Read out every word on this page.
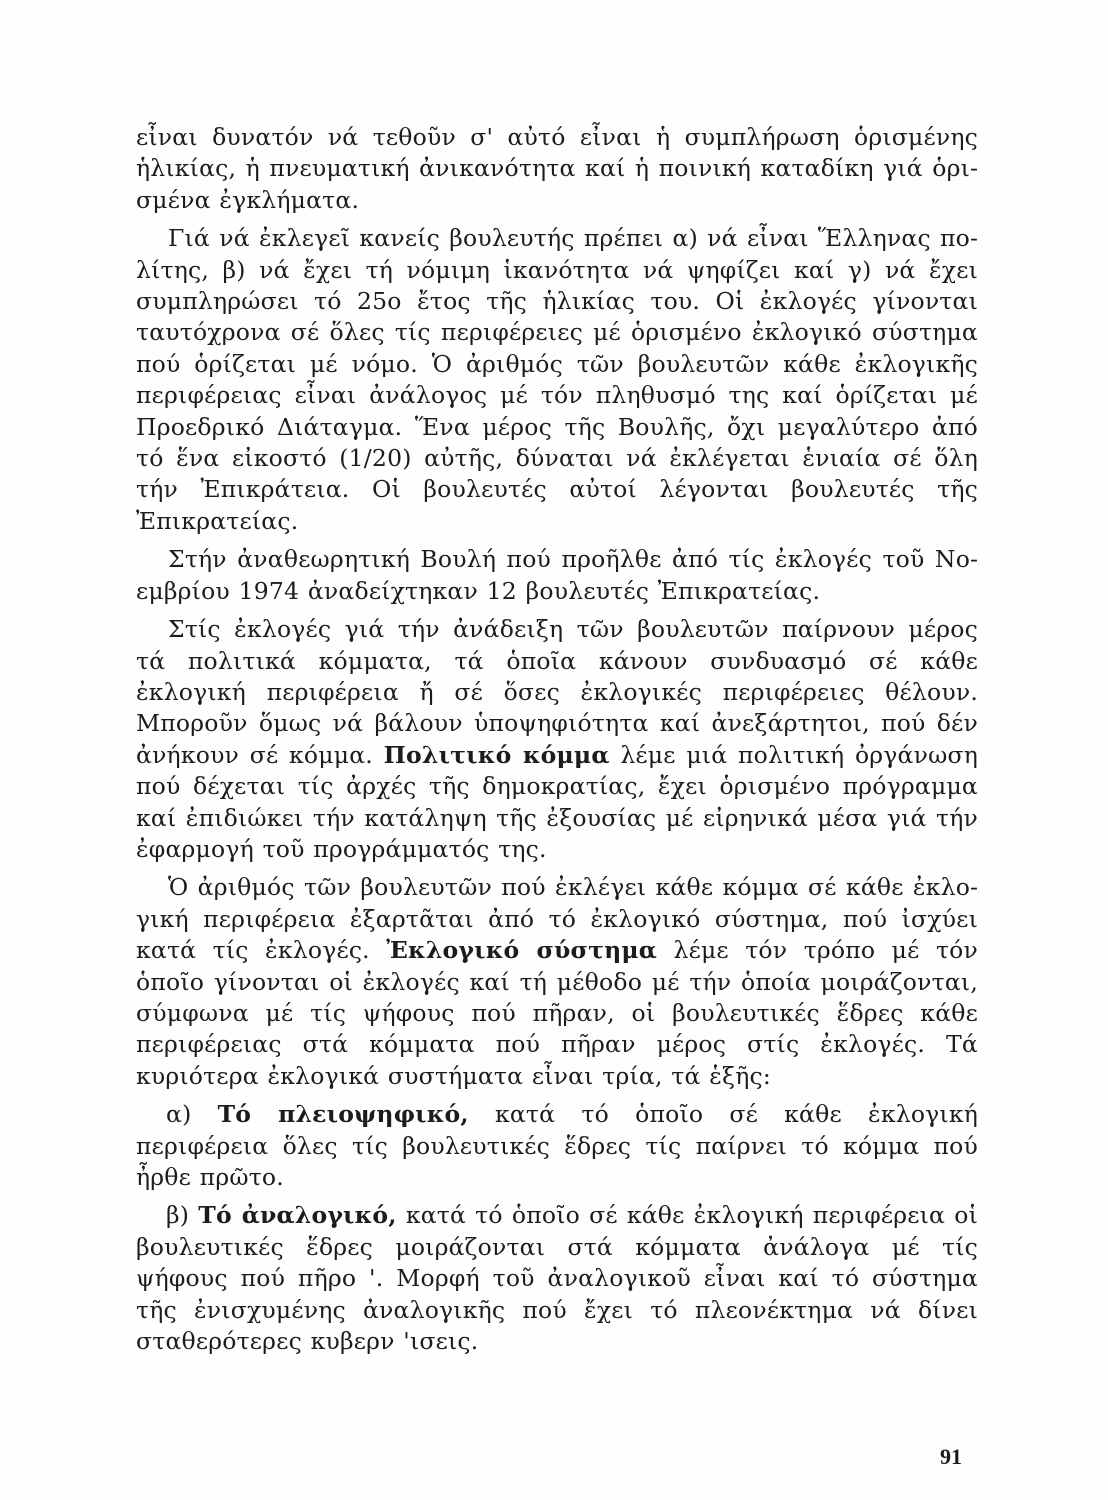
εἶναι δυνατόν νά τεθοῦν σ' αὐτό εἶναι ἡ συμπλήρωση ὁρισμένης ἡλικίας, ἡ πνευματική ἀνικανότητα καί ἡ ποινική καταδίκη γιά ὁρισμένα ἐγκλήματα.

Γιά νά ἐκλεγεῖ κανείς βουλευτής πρέπει α) νά εἶναι Ἕλληνας πολίτης, β) νά ἔχει τή νόμιμη ἱκανότητα νά ψηφίζει καί γ) νά ἔχει συμπληρώσει τό 25ο ἔτος τῆς ἡλικίας του. Οἱ ἐκλογές γίνονται ταυτόχρονα σέ ὅλες τίς περιφέρειες μέ ὁρισμένο ἐκλογικό σύστημα πού ὁρίζεται μέ νόμο. Ὁ ἀριθμός τῶν βουλευτῶν κάθε ἐκλογικῆς περιφέρειας εἶναι ἀνάλογος μέ τόν πληθυσμό της καί ὁρίζεται μέ Προεδρικό Διάταγμα. Ἕνα μέρος τῆς Βουλῆς, ὄχι μεγαλύτερο ἀπό τό ἕνα εἰκοστό (1/20) αὐτῆς, δύναται νά ἐκλέγεται ἑνιαία σέ ὅλη τήν Ἐπικράτεια. Οἱ βουλευτές αὐτοί λέγονται βουλευτές τῆς Ἐπικρατείας.

Στήν ἀναθεωρητική Βουλή πού προῆλθε ἀπό τίς ἐκλογές τοῦ Νοεμβρίου 1974 ἀναδείχτηκαν 12 βουλευτές Ἐπικρατείας.

Στίς ἐκλογές γιά τήν ἀνάδειξη τῶν βουλευτῶν παίρνουν μέρος τά πολιτικά κόμματα, τά ὁποῖα κάνουν συνδυασμό σέ κάθε ἐκλογική περιφέρεια ἤ σέ ὅσες ἐκλογικές περιφέρειες θέλουν. Μποροῦν ὅμως νά βάλουν ὑποψηφιότητα καί ἀνεξάρτητοι, πού δέν ἀνήκουν σέ κόμμα. Πολιτικό κόμμα λέμε μιά πολιτική ὀργάνωση πού δέχεται τίς ἀρχές τῆς δημοκρατίας, ἔχει ὁρισμένο πρόγραμμα καί ἐπιδιώκει τήν κατάληψη τῆς ἐξουσίας μέ εἰρηνικά μέσα γιά τήν ἐφαρμογή τοῦ προγράμματός της.

Ὁ ἀριθμός τῶν βουλευτῶν πού ἐκλέγει κάθε κόμμα σέ κάθε ἐκλογική περιφέρεια ἐξαρτᾶται ἀπό τό ἐκλογικό σύστημα, πού ἰσχύει κατά τίς ἐκλογές. Ἐκλογικό σύστημα λέμε τόν τρόπο μέ τόν ὁποῖο γίνονται οἱ ἐκλογές καί τή μέθοδο μέ τήν ὁποία μοιράζονται, σύμφωνα μέ τίς ψήφους πού πῆραν, οἱ βουλευτικές ἕδρες κάθε περιφέρειας στά κόμματα πού πῆραν μέρος στίς ἐκλογές. Τά κυριότερα ἐκλογικά συστήματα εἶναι τρία, τά ἑξῆς:

α) Τό πλειοψηφικό, κατά τό ὁποῖο σέ κάθε ἐκλογική περιφέρεια ὅλες τίς βουλευτικές ἕδρες τίς παίρνει τό κόμμα πού ἦρθε πρῶτο.

β) Τό ἀναλογικό, κατά τό ὁποῖο σέ κάθε ἐκλογική περιφέρεια οἱ βουλευτικές ἕδρες μοιράζονται στά κόμματα ἀνάλογα μέ τίς ψήφους πού πῆρο '. Μορφή τοῦ ἀναλογικοῦ εἶναι καί τό σύστημα τῆς ἐνισχυμένης ἀναλογικῆς πού ἔχει τό πλεονέκτημα νά δίνει σταθερότερες κυβερν 'ισεις.

91
